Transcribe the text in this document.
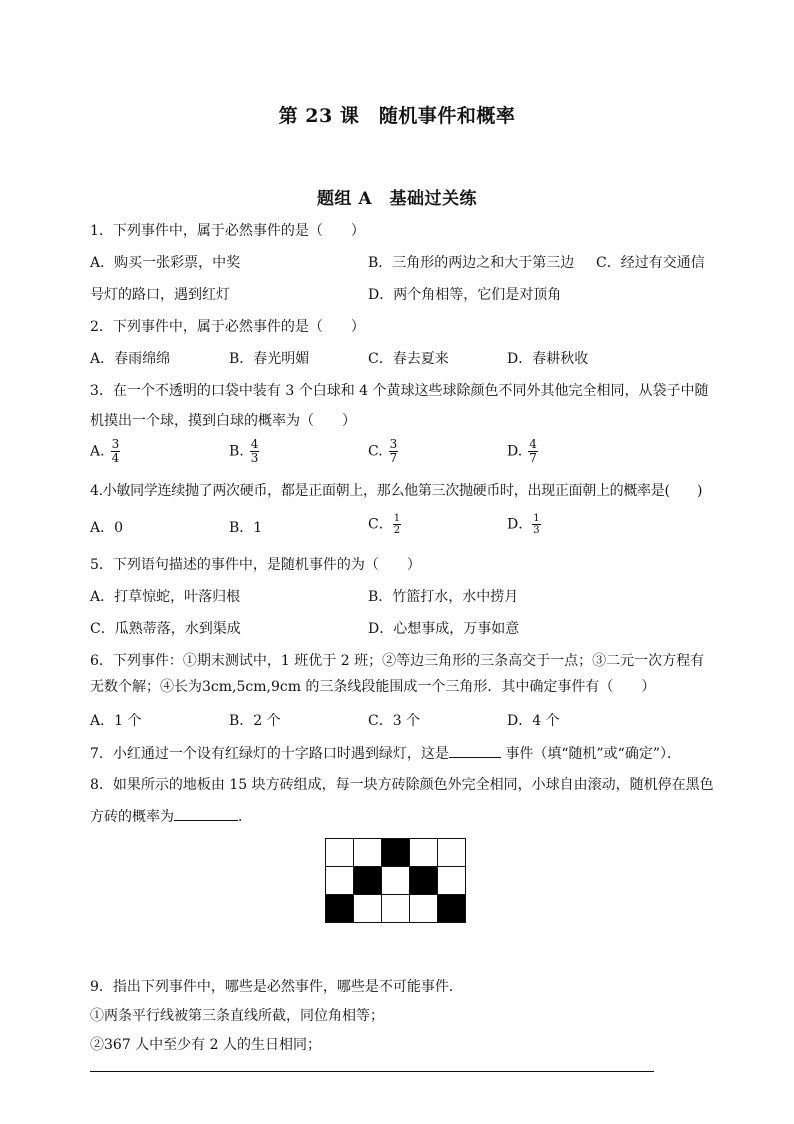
第 23 课　随机事件和概率
题组 A　基础过关练
1．下列事件中，属于必然事件的是（　　）
A．购买一张彩票，中奖	B．三角形的两边之和大于第三边 C．经过有交通信
号灯的路口，遇到红灯	D．两个角相等，它们是对顶角
2．下列事件中，属于必然事件的是（　　）
A．春雨绵绵	B．春光明媚	C．春去夏来	D．春耕秋收
3．在一个不透明的口袋中装有 3 个白球和 4 个黄球这些球除颜色不同外其他完全相同，从袋子中随
机摸出一个球，摸到白球的概率为（　　）
A. $\frac{3}{4}$	B. $\frac{4}{3}$	C. $\frac{3}{7}$	D. $\frac{4}{7}$
4.小敏同学连续抛了两次硬币，都是正面朝上，那么他第三次抛硬币时，出现正面朝上的概率是(　　)
A．0	B．1	C． $\frac{1}{2}$	D． $\frac{1}{3}$
5．下列语句描述的事件中，是随机事件的为（　　）
A．打草惊蛇，叶落归根	B．竹篮打水，水中捞月
C．瓜熟蒂落，水到渠成	D．心想事成，万事如意
6．下列事件：①期末测试中，1 班优于 2 班；②等边三角形的三条高交于一点；③二元一次方程有
无数个解；④长为3cm,5cm,9cm 的三条线段能围成一个三角形．其中确定事件有（　　）
A．1 个	B．2 个	C．3 个	D．4 个
7．小红通过一个设有红绿灯的十字路口时遇到绿灯，这是	事件（填“随机”或“确定”）．
8．如果所示的地板由 15 块方砖组成，每一块方砖除颜色外完全相同，小球自由滚动，随机停在黑色
方砖的概率为	．

9．指出下列事件中，哪些是必然事件，哪些是不可能事件．
①两条平行线被第三条直线所截，同位角相等；
②367 人中至少有 2 人的生日相同；
